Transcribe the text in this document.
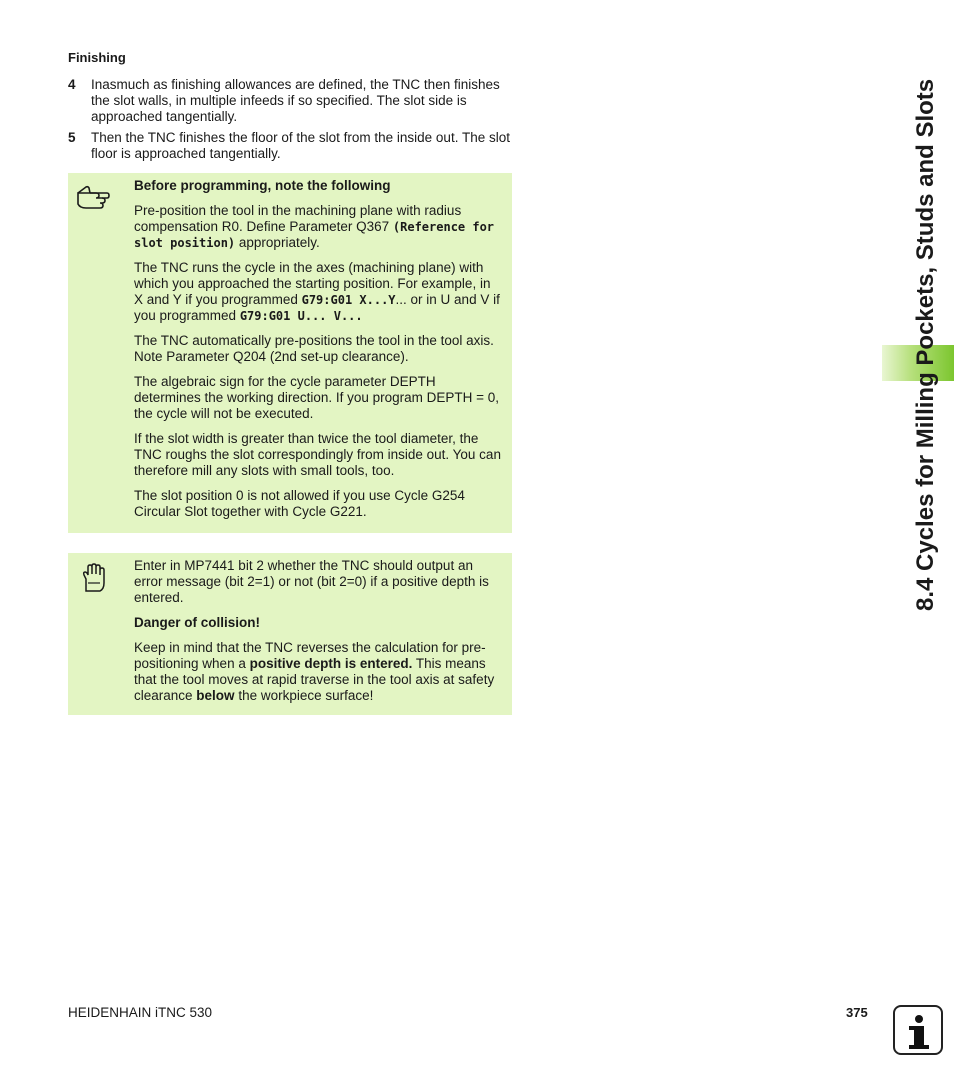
Finishing
4 Inasmuch as finishing allowances are defined, the TNC then finishes the slot walls, in multiple infeeds if so specified. The slot side is approached tangentially.
5 Then the TNC finishes the floor of the slot from the inside out. The slot floor is approached tangentially.

Before programming, note the following

Pre-position the tool in the machining plane with radius compensation R0. Define Parameter Q367 (Reference for slot position) appropriately.

The TNC runs the cycle in the axes (machining plane) with which you approached the starting position. For example, in X and Y if you programmed G79:G01 X...Y... or in U and V if you programmed G79:G01 U... V...

The TNC automatically pre-positions the tool in the tool axis. Note Parameter Q204 (2nd set-up clearance).

The algebraic sign for the cycle parameter DEPTH determines the working direction. If you program DEPTH = 0, the cycle will not be executed.

If the slot width is greater than twice the tool diameter, the TNC roughs the slot correspondingly from inside out. You can therefore mill any slots with small tools, too.

The slot position 0 is not allowed if you use Cycle G254 Circular Slot together with Cycle G221.

Enter in MP7441 bit 2 whether the TNC should output an error message (bit 2=1) or not (bit 2=0) if a positive depth is entered.

Danger of collision!

Keep in mind that the TNC reverses the calculation for pre-positioning when a positive depth is entered. This means that the tool moves at rapid traverse in the tool axis at safety clearance below the workpiece surface!

8.4 Cycles for Milling Pockets, Studs and Slots
HEIDENHAIN iTNC 530	375
